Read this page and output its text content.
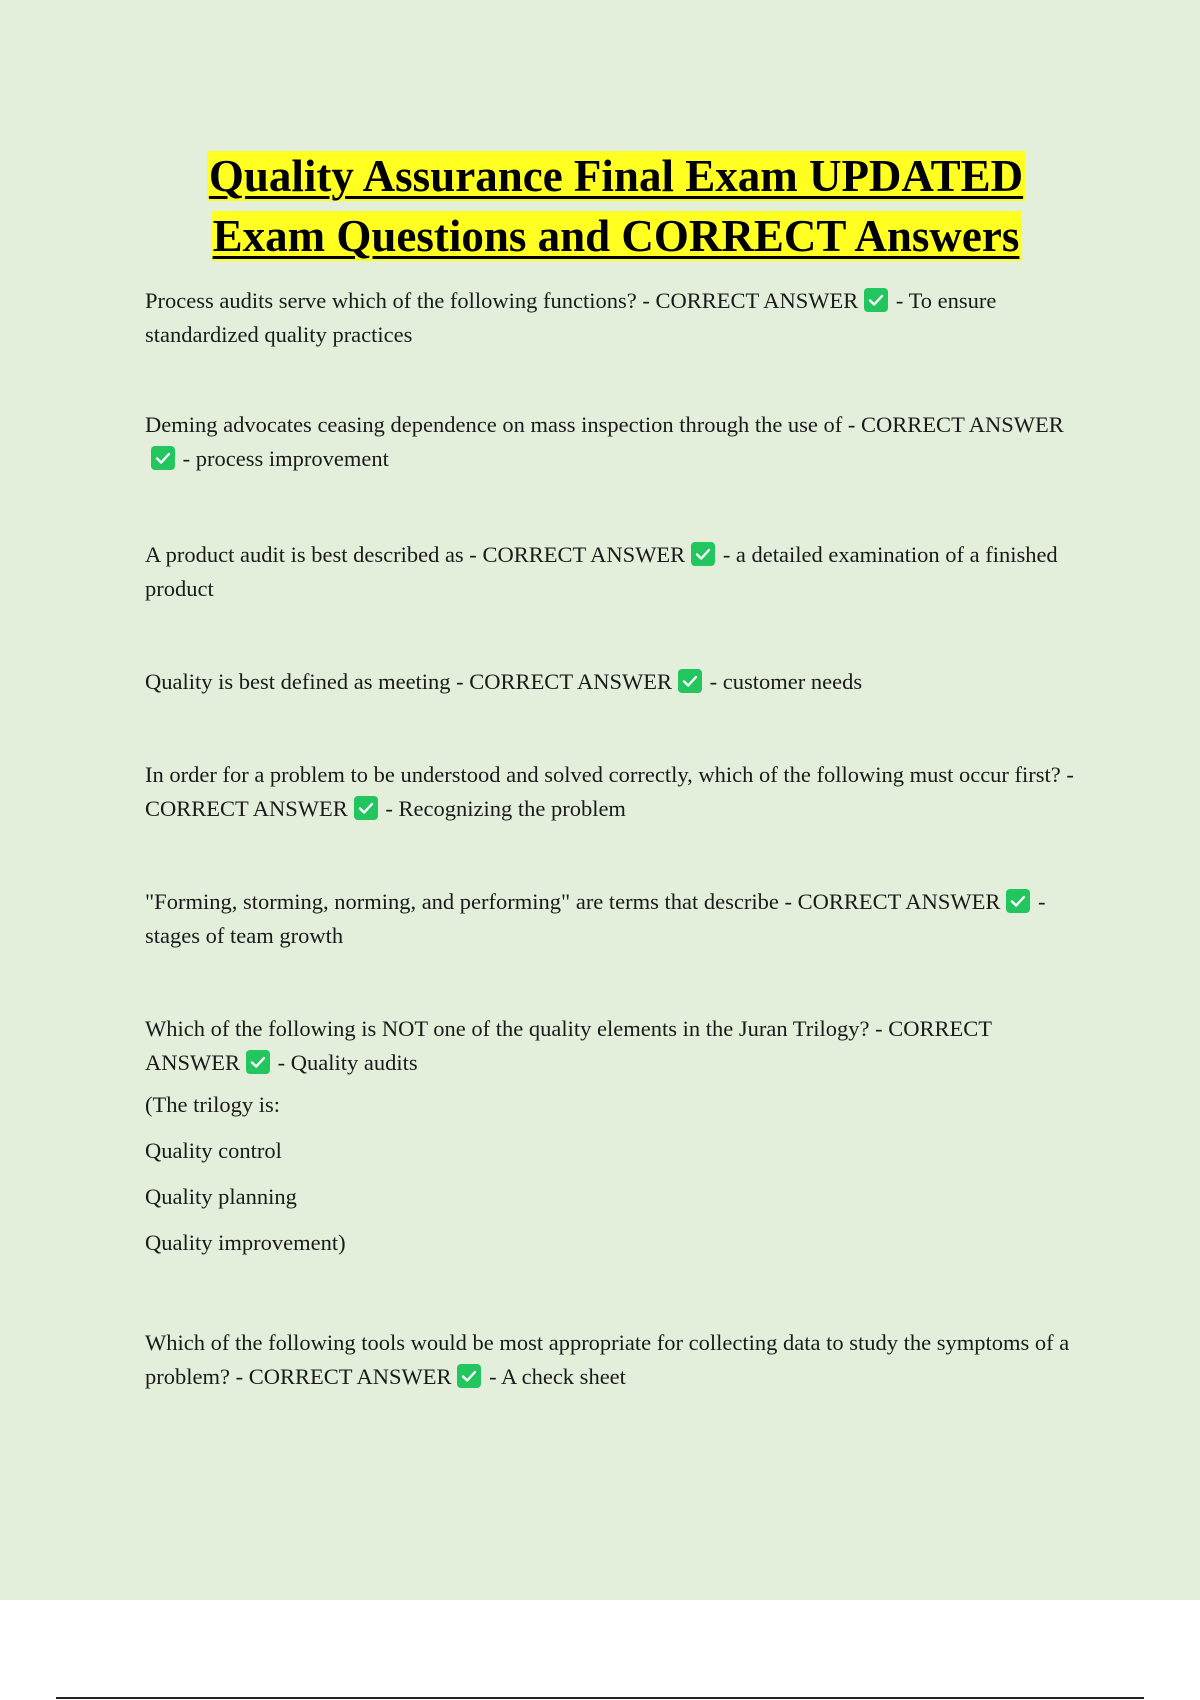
Quality Assurance Final Exam UPDATED
Exam Questions and CORRECT Answers

Process audits serve which of the following functions? - CORRECT ANSWER
- To ensure standardized quality practices

Deming advocates ceasing dependence on mass inspection through the use of - CORRECT ANSWER
- process improvement

A product audit is best described as - CORRECT ANSWER
- a detailed examination of a finished product

Quality is best defined as meeting - CORRECT ANSWER
- customer needs

In order for a problem to be understood and solved correctly, which of the following must occur first? - CORRECT ANSWER
- Recognizing the problem

"Forming, storming, norming, and performing" are terms that describe - CORRECT ANSWER
- stages of team growth

Which of the following is NOT one of the quality elements in the Juran Trilogy? - CORRECT ANSWER
- Quality audits

(The trilogy is:

Quality control

Quality planning

Quality improvement)

Which of the following tools would be most appropriate for collecting data to study the symptoms of a problem? - CORRECT ANSWER
- A check sheet
